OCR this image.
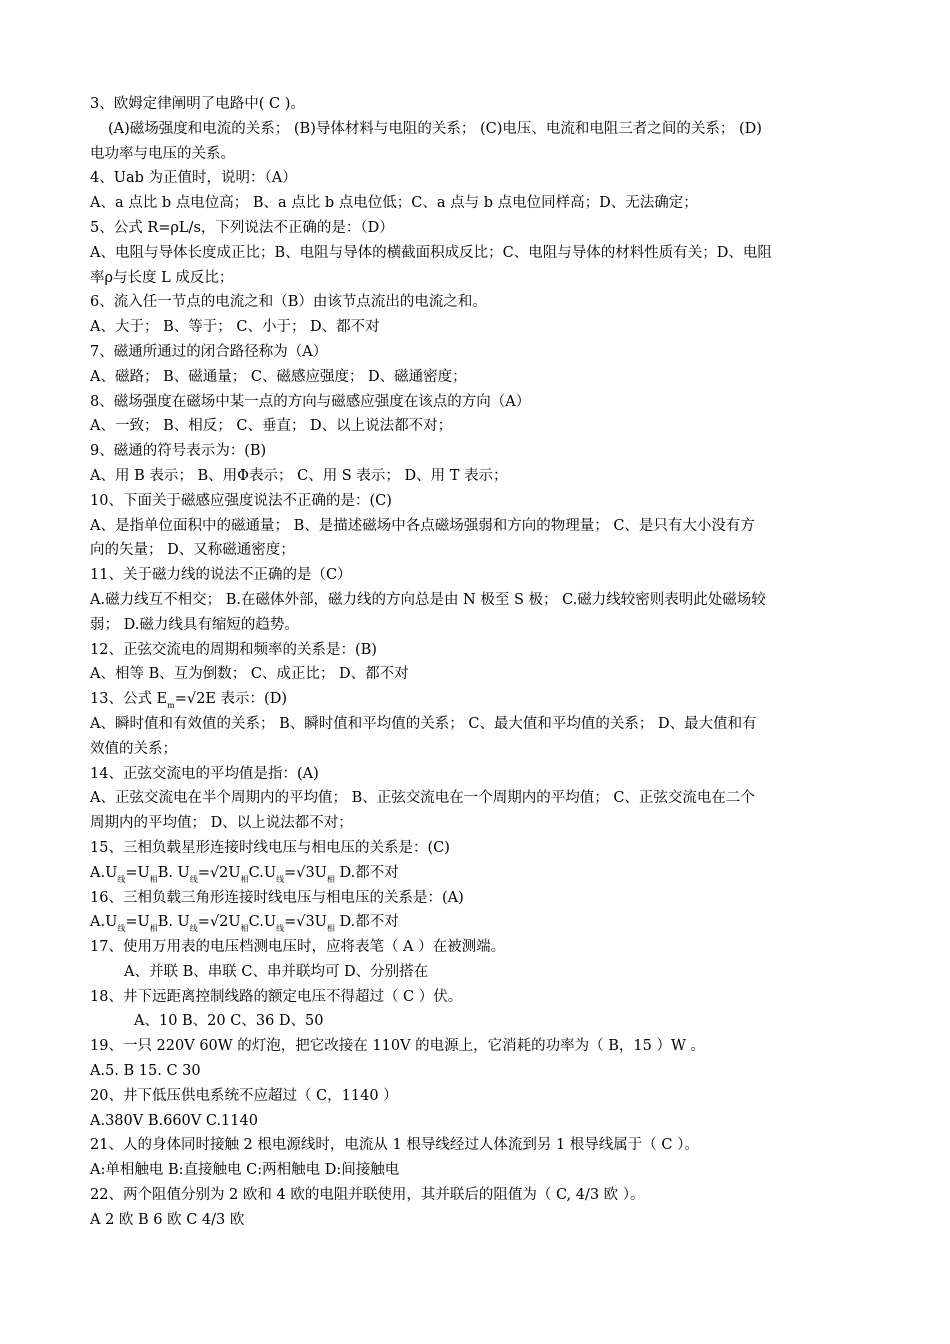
3、欧姆定律阐明了电路中( C )。
(A)磁场强度和电流的关系； (B)导体材料与电阻的关系； (C)电压、电流和电阻三者之间的关系； (D)
电功率与电压的关系。
4、Uab 为正值时，说明：（A）
A、a 点比 b 点电位高； B、a 点比 b 点电位低；C、a 点与 b 点电位同样高；D、无法确定；
5、公式 R=ρL/s，下列说法不正确的是：（D）
A、电阻与导体长度成正比；B、电阻与导体的横截面积成反比；C、电阻与导体的材料性质有关；D、电阻
率ρ与长度 L 成反比；
6、流入任一节点的电流之和（B）由该节点流出的电流之和。
A、大于； B、等于； C、小于； D、都不对
7、磁通所通过的闭合路径称为（A）
A、磁路； B、磁通量； C、磁感应强度； D、磁通密度；
8、磁场强度在磁场中某一点的方向与磁感应强度在该点的方向（A）
A、一致； B、相反； C、垂直； D、以上说法都不对；
9、磁通的符号表示为：(B)
A、用 B 表示； B、用Φ表示； C、用 S 表示； D、用 T 表示；
10、下面关于磁感应强度说法不正确的是：(C)
A、是指单位面积中的磁通量； B、是描述磁场中各点磁场强弱和方向的物理量； C、是只有大小没有方
向的矢量； D、又称磁通密度；
11、关于磁力线的说法不正确的是（C）
A.磁力线互不相交； B.在磁体外部，磁力线的方向总是由 N 极至 S 极； C.磁力线较密则表明此处磁场较
弱； D.磁力线具有缩短的趋势。
12、正弦交流电的周期和频率的关系是：(B)
A、相等 B、互为倒数； C、成正比； D、都不对
13、公式 $E_m=√2E$ 表示：(D)
A、瞬时值和有效值的关系； B、瞬时值和平均值的关系； C、最大值和平均值的关系； D、最大值和有
效值的关系；
14、正弦交流电的平均值是指：(A)
A、正弦交流电在半个周期内的平均值； B、正弦交流电在一个周期内的平均值； C、正弦交流电在二个
周期内的平均值； D、以上说法都不对；
15、三相负载星形连接时线电压与相电压的关系是：(C)
$A.U_线=U_相B$. $U_线=√2U_相C.U_线=√3U_相$ D.都不对
16、三相负载三角形连接时线电压与相电压的关系是：(A)
$A.U_线=U_相B$. $U_线=√2U_相C.U_线=√3U_相$ D.都不对
17、使用万用表的电压档测电压时，应将表笔（ A ）在被测端。
A、并联 B、串联 C、串并联均可 D、分别搭在
18、井下远距离控制线路的额定电压不得超过（ C ）伏。
A、10 B、20 C、36 D、50
19、一只 220V 60W 的灯泡，把它改接在 110V 的电源上，它消耗的功率为（ B，15 ）W 。
A.5. B 15. C 30
20、井下低压供电系统不应超过（ C，1140 ）
A.380V B.660V C.1140
21、人的身体同时接触 2 根电源线时，电流从 1 根导线经过人体流到另 1 根导线属于（ C ）。
A:单相触电 B:直接触电 C:两相触电 D:间接触电
22、两个阻值分别为 2 欧和 4 欧的电阻并联使用，其并联后的阻值为（ C, 4/3 欧 ）。
A 2 欧 B 6 欧 C 4/3 欧
